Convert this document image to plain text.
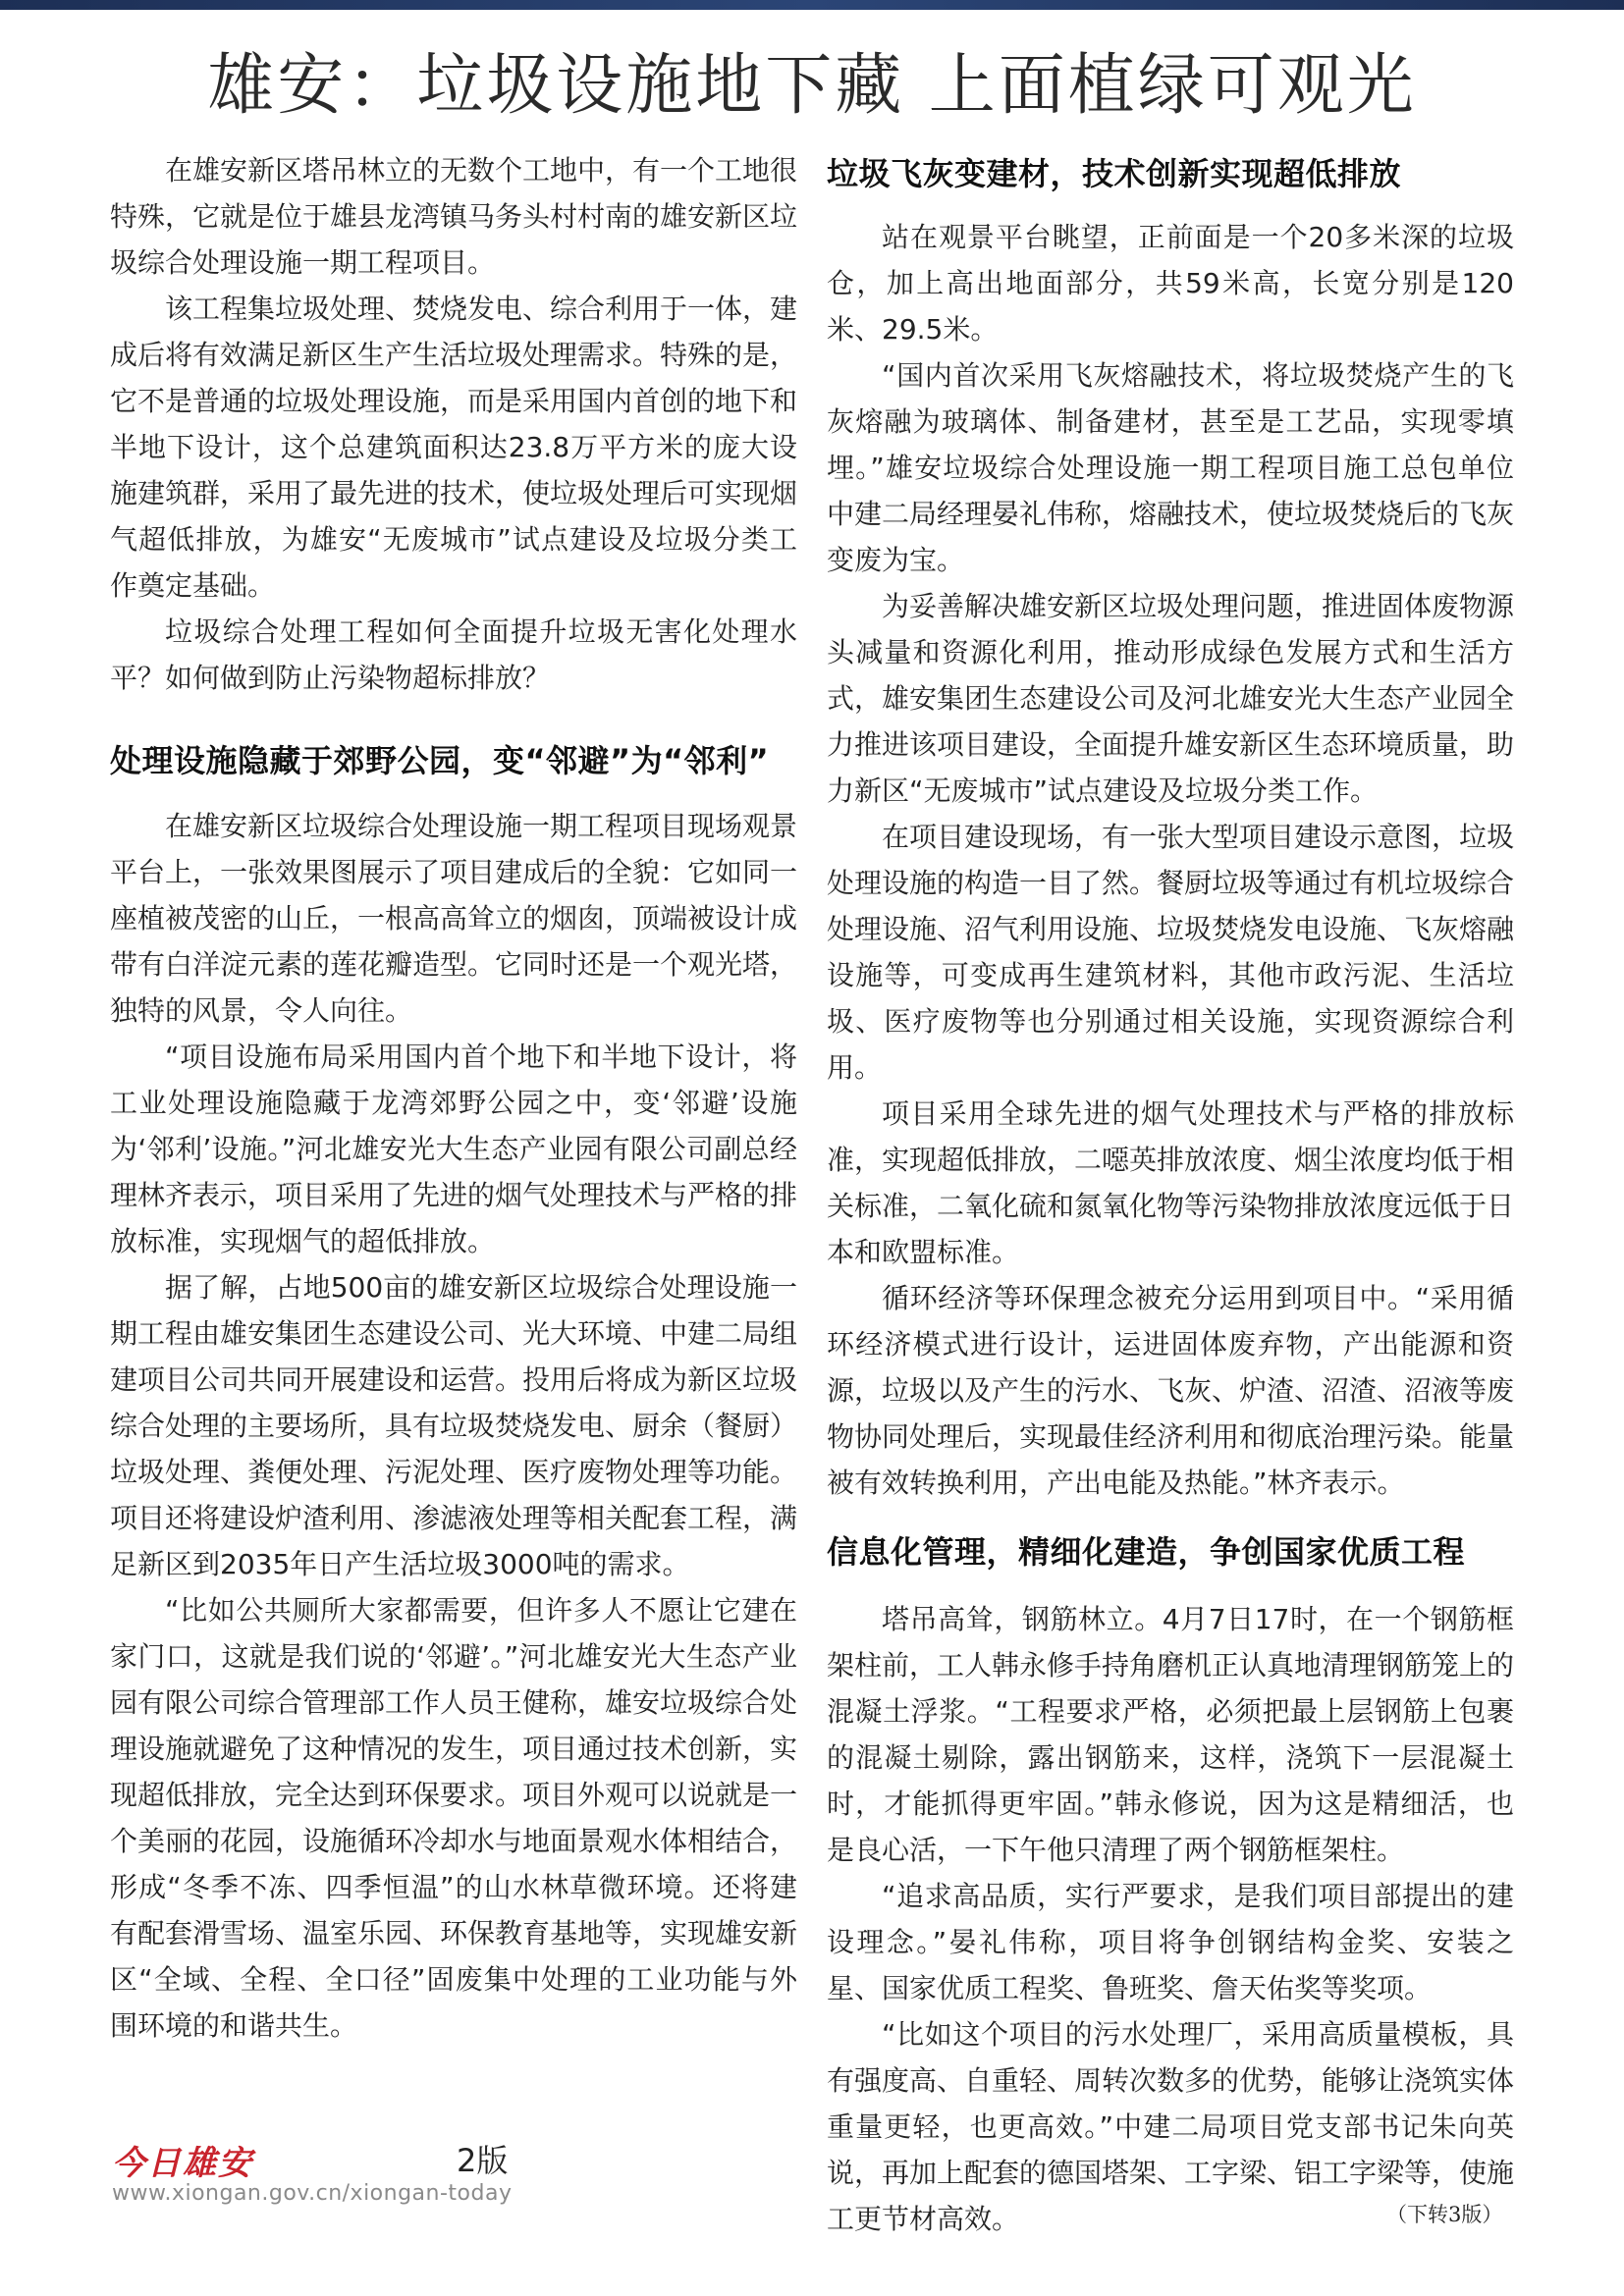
雄安：垃圾设施地下藏 上面植绿可观光

在雄安新区塔吊林立的无数个工地中，有一个工地很特殊，它就是位于雄县龙湾镇马务头村村南的雄安新区垃圾综合处理设施一期工程项目。

该工程集垃圾处理、焚烧发电、综合利用于一体，建成后将有效满足新区生产生活垃圾处理需求。特殊的是，它不是普通的垃圾处理设施，而是采用国内首创的地下和半地下设计，这个总建筑面积达23.8万平方米的庞大设施建筑群，采用了最先进的技术，使垃圾处理后可实现烟气超低排放，为雄安“无废城市”试点建设及垃圾分类工作奠定基础。

垃圾综合处理工程如何全面提升垃圾无害化处理水平？如何做到防止污染物超标排放？

处理设施隐藏于郊野公园，变“邻避”为“邻利”

在雄安新区垃圾综合处理设施一期工程项目现场观景平台上，一张效果图展示了项目建成后的全貌：它如同一座植被茂密的山丘，一根高高耸立的烟囱，顶端被设计成带有白洋淀元素的莲花瓣造型。它同时还是一个观光塔，独特的风景，令人向往。

“项目设施布局采用国内首个地下和半地下设计，将工业处理设施隐藏于龙湾郊野公园之中，变‘邻避’设施为‘邻利’设施。”河北雄安光大生态产业园有限公司副总经理林齐表示，项目采用了先进的烟气处理技术与严格的排放标准，实现烟气的超低排放。

据了解，占地500亩的雄安新区垃圾综合处理设施一期工程由雄安集团生态建设公司、光大环境、中建二局组建项目公司共同开展建设和运营。投用后将成为新区垃圾综合处理的主要场所，具有垃圾焚烧发电、厨余（餐厨）垃圾处理、粪便处理、污泥处理、医疗废物处理等功能。项目还将建设炉渣利用、渗滤液处理等相关配套工程，满足新区到2035年日产生活垃圾3000吨的需求。

“比如公共厕所大家都需要，但许多人不愿让它建在家门口，这就是我们说的‘邻避’。”河北雄安光大生态产业园有限公司综合管理部工作人员王健称，雄安垃圾综合处理设施就避免了这种情况的发生，项目通过技术创新，实现超低排放，完全达到环保要求。项目外观可以说就是一个美丽的花园，设施循环冷却水与地面景观水体相结合，形成“冬季不冻、四季恒温”的山水林草微环境。还将建有配套滑雪场、温室乐园、环保教育基地等，实现雄安新区“全域、全程、全口径”固废集中处理的工业功能与外围环境的和谐共生。

垃圾飞灰变建材，技术创新实现超低排放

站在观景平台眺望，正前面是一个20多米深的垃圾仓，加上高出地面部分，共59米高，长宽分别是120米、29.5米。

“国内首次采用飞灰熔融技术，将垃圾焚烧产生的飞灰熔融为玻璃体、制备建材，甚至是工艺品，实现零填埋。”雄安垃圾综合处理设施一期工程项目施工总包单位中建二局经理晏礼伟称，熔融技术，使垃圾焚烧后的飞灰变废为宝。

为妥善解决雄安新区垃圾处理问题，推进固体废物源头减量和资源化利用，推动形成绿色发展方式和生活方式，雄安集团生态建设公司及河北雄安光大生态产业园全力推进该项目建设，全面提升雄安新区生态环境质量，助力新区“无废城市”试点建设及垃圾分类工作。

在项目建设现场，有一张大型项目建设示意图，垃圾处理设施的构造一目了然。餐厨垃圾等通过有机垃圾综合处理设施、沼气利用设施、垃圾焚烧发电设施、飞灰熔融设施等，可变成再生建筑材料，其他市政污泥、生活垃圾、医疗废物等也分别通过相关设施，实现资源综合利用。

项目采用全球先进的烟气处理技术与严格的排放标准，实现超低排放，二噁英排放浓度、烟尘浓度均低于相关标准，二氧化硫和氮氧化物等污染物排放浓度远低于日本和欧盟标准。

循环经济等环保理念被充分运用到项目中。“采用循环经济模式进行设计，运进固体废弃物，产出能源和资源，垃圾以及产生的污水、飞灰、炉渣、沼渣、沼液等废物协同处理后，实现最佳经济利用和彻底治理污染。能量被有效转换利用，产出电能及热能。”林齐表示。

信息化管理，精细化建造，争创国家优质工程

塔吊高耸，钢筋林立。4月7日17时，在一个钢筋框架柱前，工人韩永修手持角磨机正认真地清理钢筋笼上的混凝土浮浆。“工程要求严格，必须把最上层钢筋上包裹的混凝土剔除，露出钢筋来，这样，浇筑下一层混凝土时，才能抓得更牢固。”韩永修说，因为这是精细活，也是良心活，一下午他只清理了两个钢筋框架柱。

“追求高品质，实行严要求，是我们项目部提出的建设理念。”晏礼伟称，项目将争创钢结构金奖、安装之星、国家优质工程奖、鲁班奖、詹天佑奖等奖项。

“比如这个项目的污水处理厂，采用高质量模板，具有强度高、自重轻、周转次数多的优势，能够让浇筑实体重量更轻，也更高效。”中建二局项目党支部书记朱向英说，再加上配套的德国塔架、工字梁、铝工字梁等，使施工更节材高效。

今日雄安	2版
www.xiongan.gov.cn/xiongan-today
（下转3版）
